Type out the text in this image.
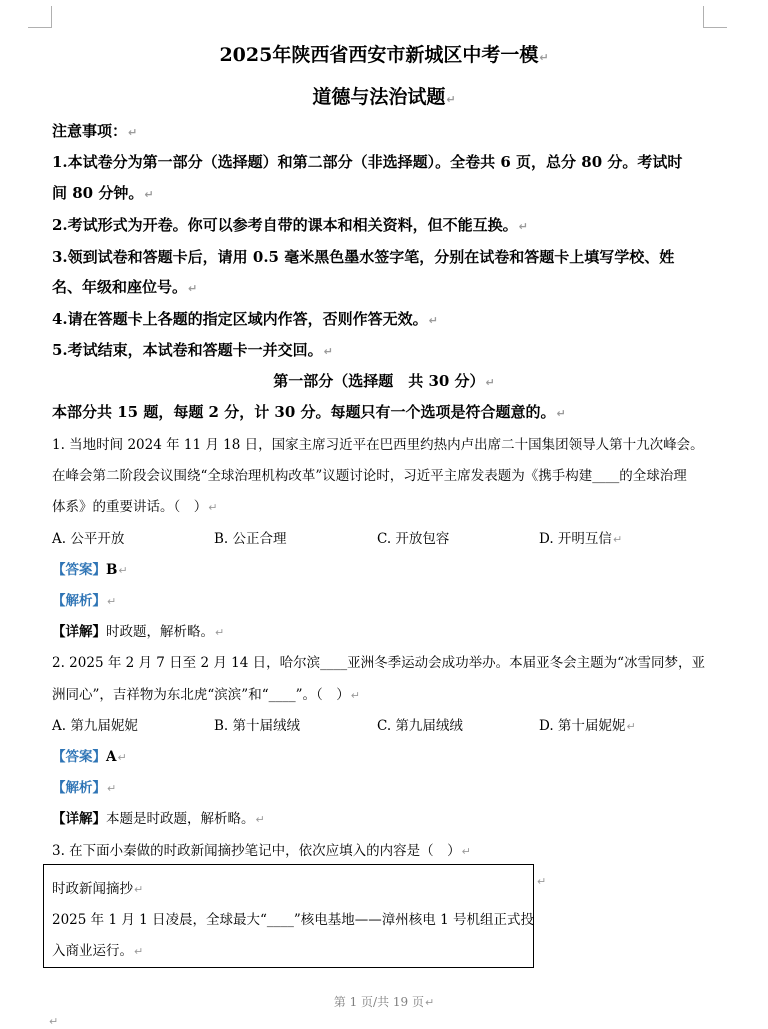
2025年陕西省西安市新城区中考一模↵
道德与法治试题↵
注意事项：↵
1.本试卷分为第一部分（选择题）和第二部分（非选择题）。全卷共 6 页，总分 80 分。考试时
间 80 分钟。↵
2.考试形式为开卷。你可以参考自带的课本和相关资料，但不能互换。↵
3.领到试卷和答题卡后，请用 0.5 毫米黑色墨水签字笔，分别在试卷和答题卡上填写学校、姓
名、年级和座位号。↵
4.请在答题卡上各题的指定区域内作答，否则作答无效。↵
5.考试结束，本试卷和答题卡一并交回。↵
第一部分（选择题　共 30 分）↵
本部分共 15 题，每题 2 分，计 30 分。每题只有一个选项是符合题意的。↵
1. 当地时间 2024 年 11 月 18 日，国家主席习近平在巴西里约热内卢出席二十国集团领导人第十九次峰会。
在峰会第二阶段会议围绕“全球治理机构改革”议题讨论时，习近平主席发表题为《携手构建____的全球治理
体系》的重要讲话。（　）↵
A. 公平开放	B. 公正合理	C. 开放包容	D. 开明互信↵
【答案】B↵
【解析】↵
【详解】时政题，解析略。↵
2. 2025 年 2 月 7 日至 2 月 14 日，哈尔滨____亚洲冬季运动会成功举办。本届亚冬会主题为“冰雪同梦，亚
洲同心”，吉祥物为东北虎“滨滨”和“____”。（　）↵
A. 第九届妮妮	B. 第十届绒绒	C. 第九届绒绒	D. 第十届妮妮↵
【答案】A↵
【解析】↵
【详解】本题是时政题，解析略。↵
3. 在下面小秦做的时政新闻摘抄笔记中，依次应填入的内容是（　）↵
时政新闻摘抄↵
↵
2025 年 1 月 1 日凌晨，全球最大“____”核电基地——漳州核电 1 号机组正式投
入商业运行。↵
第 1 页/共 19 页↵
↵
